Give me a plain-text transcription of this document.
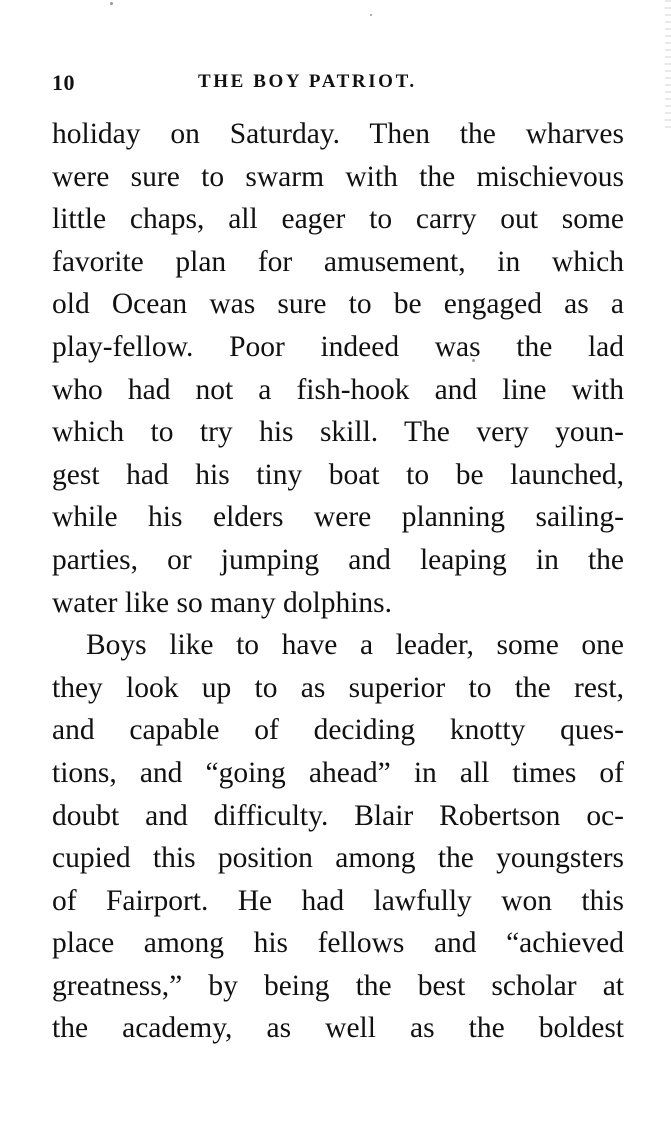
10	THE BOY PATRIOT.
holiday on Saturday. Then the wharves
were sure to swarm with the mischievous
little chaps, all eager to carry out some
favorite plan for amusement, in which
old Ocean was sure to be engaged as a
play-fellow. Poor indeed was the lad
who had not a fish-hook and line with
which to try his skill. The very youn-
gest had his tiny boat to be launched,
while his elders were planning sailing-
parties, or jumping and leaping in the
water like so many dolphins.
Boys like to have a leader, some one
they look up to as superior to the rest,
and capable of deciding knotty ques-
tions, and “going ahead” in all times of
doubt and difficulty. Blair Robertson oc-
cupied this position among the youngsters
of Fairport. He had lawfully won this
place among his fellows and “achieved
greatness,” by being the best scholar at
the academy, as well as the boldest
